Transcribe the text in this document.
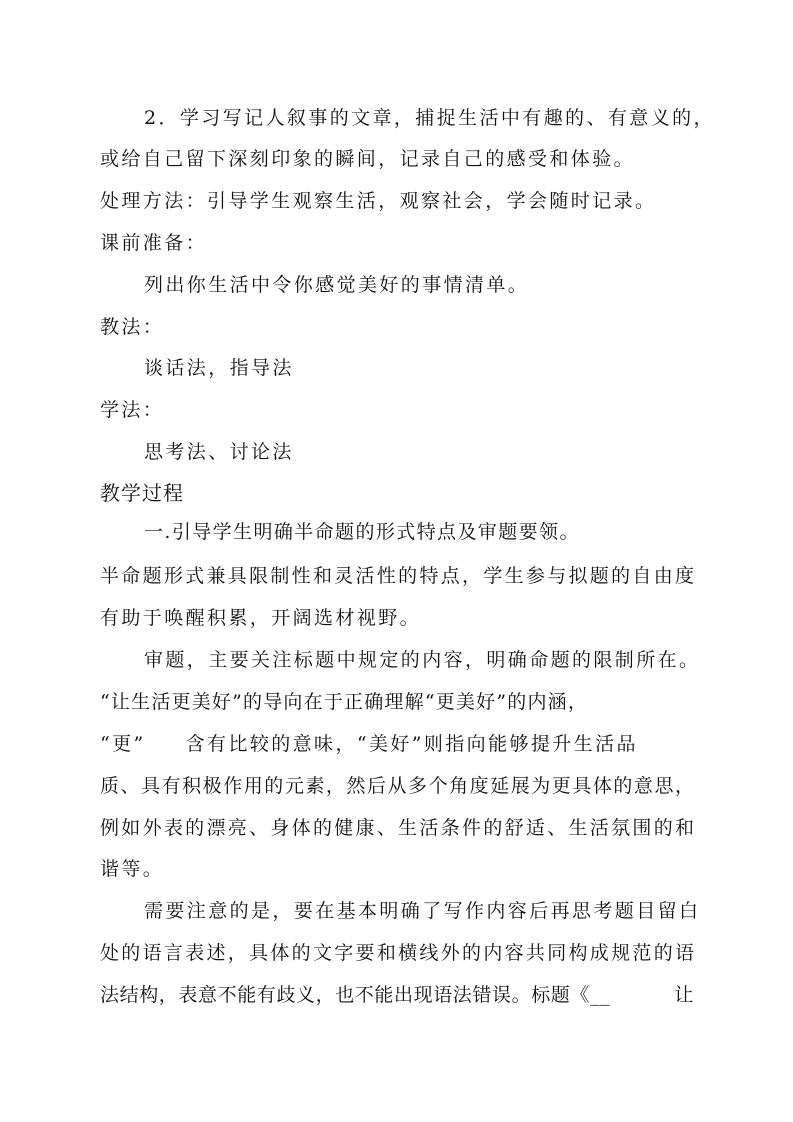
2．学习写记人叙事的文章，捕捉生活中有趣的、有意义的，

或给自己留下深刻印象的瞬间，记录自己的感受和体验。

处理方法：引导学生观察生活，观察社会，学会随时记录。

课前准备：

列出你生活中令你感觉美好的事情清单。

教法：

谈话法，指导法

学法：

思考法、讨论法

教学过程

一.引导学生明确半命题的形式特点及审题要领。

半命题形式兼具限制性和灵活性的特点，学生参与拟题的自由度

有助于唤醒积累，开阔选材视野。

审题，主要关注标题中规定的内容，明确命题的限制所在。

“让生活更美好”的导向在于正确理解“更美好”的内涵，

“更” 含有比较的意味，“美好”则指向能够提升生活品

质、具有积极作用的元素，然后从多个角度延展为更具体的意思，

例如外表的漂亮、身体的健康、生活条件的舒适、生活氛围的和

谐等。

需要注意的是，要在基本明确了写作内容后再思考题目留白

处的语言表述，具体的文字要和横线外的内容共同构成规范的语

法结构，表意不能有歧义，也不能出现语法错误。标题《__	让
